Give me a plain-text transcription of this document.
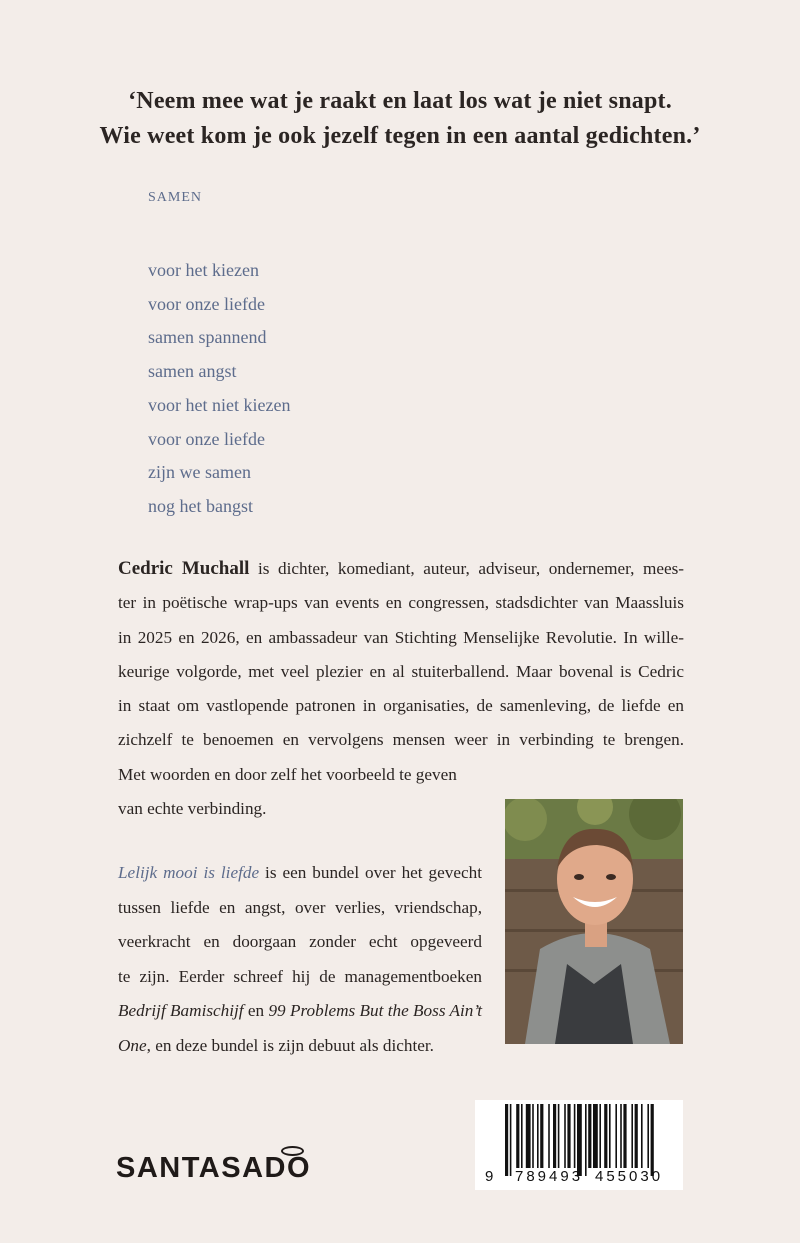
‘Neem mee wat je raakt en laat los wat je niet snapt.
Wie weet kom je ook jezelf tegen in een aantal gedichten.’
SAMEN
voor het kiezen
voor onze liefde
samen spannend
samen angst
voor het niet kiezen
voor onze liefde
zijn we samen
nog het bangst
Cedric Muchall is dichter, komediant, auteur, adviseur, ondernemer, mees-
ter in poëtische wrap-ups van events en congressen, stadsdichter van Maassluis
in 2025 en 2026, en ambassadeur van Stichting Menselijke Revolutie. In wille-
keurige volgorde, met veel plezier en al stuiterballend. Maar bovenal is Cedric
in staat om vastlopende patronen in organisaties, de samenleving, de liefde en
zichzelf te benoemen en vervolgens mensen weer in verbinding te brengen.
Met woorden en door zelf het voorbeeld te geven
van echte verbinding.
Lelijk mooi is liefde is een bundel over het gevecht
tussen liefde en angst, over verlies, vriendschap,
veerkracht en doorgaan zonder echt opgeveerd
te zijn. Eerder schreef hij de managementboeken
Bedrijf Bamischijf en 99 Problems But the Boss Ain’t
One, en deze bundel is zijn debuut als dichter.
SANTASADO	9 789493 455030
